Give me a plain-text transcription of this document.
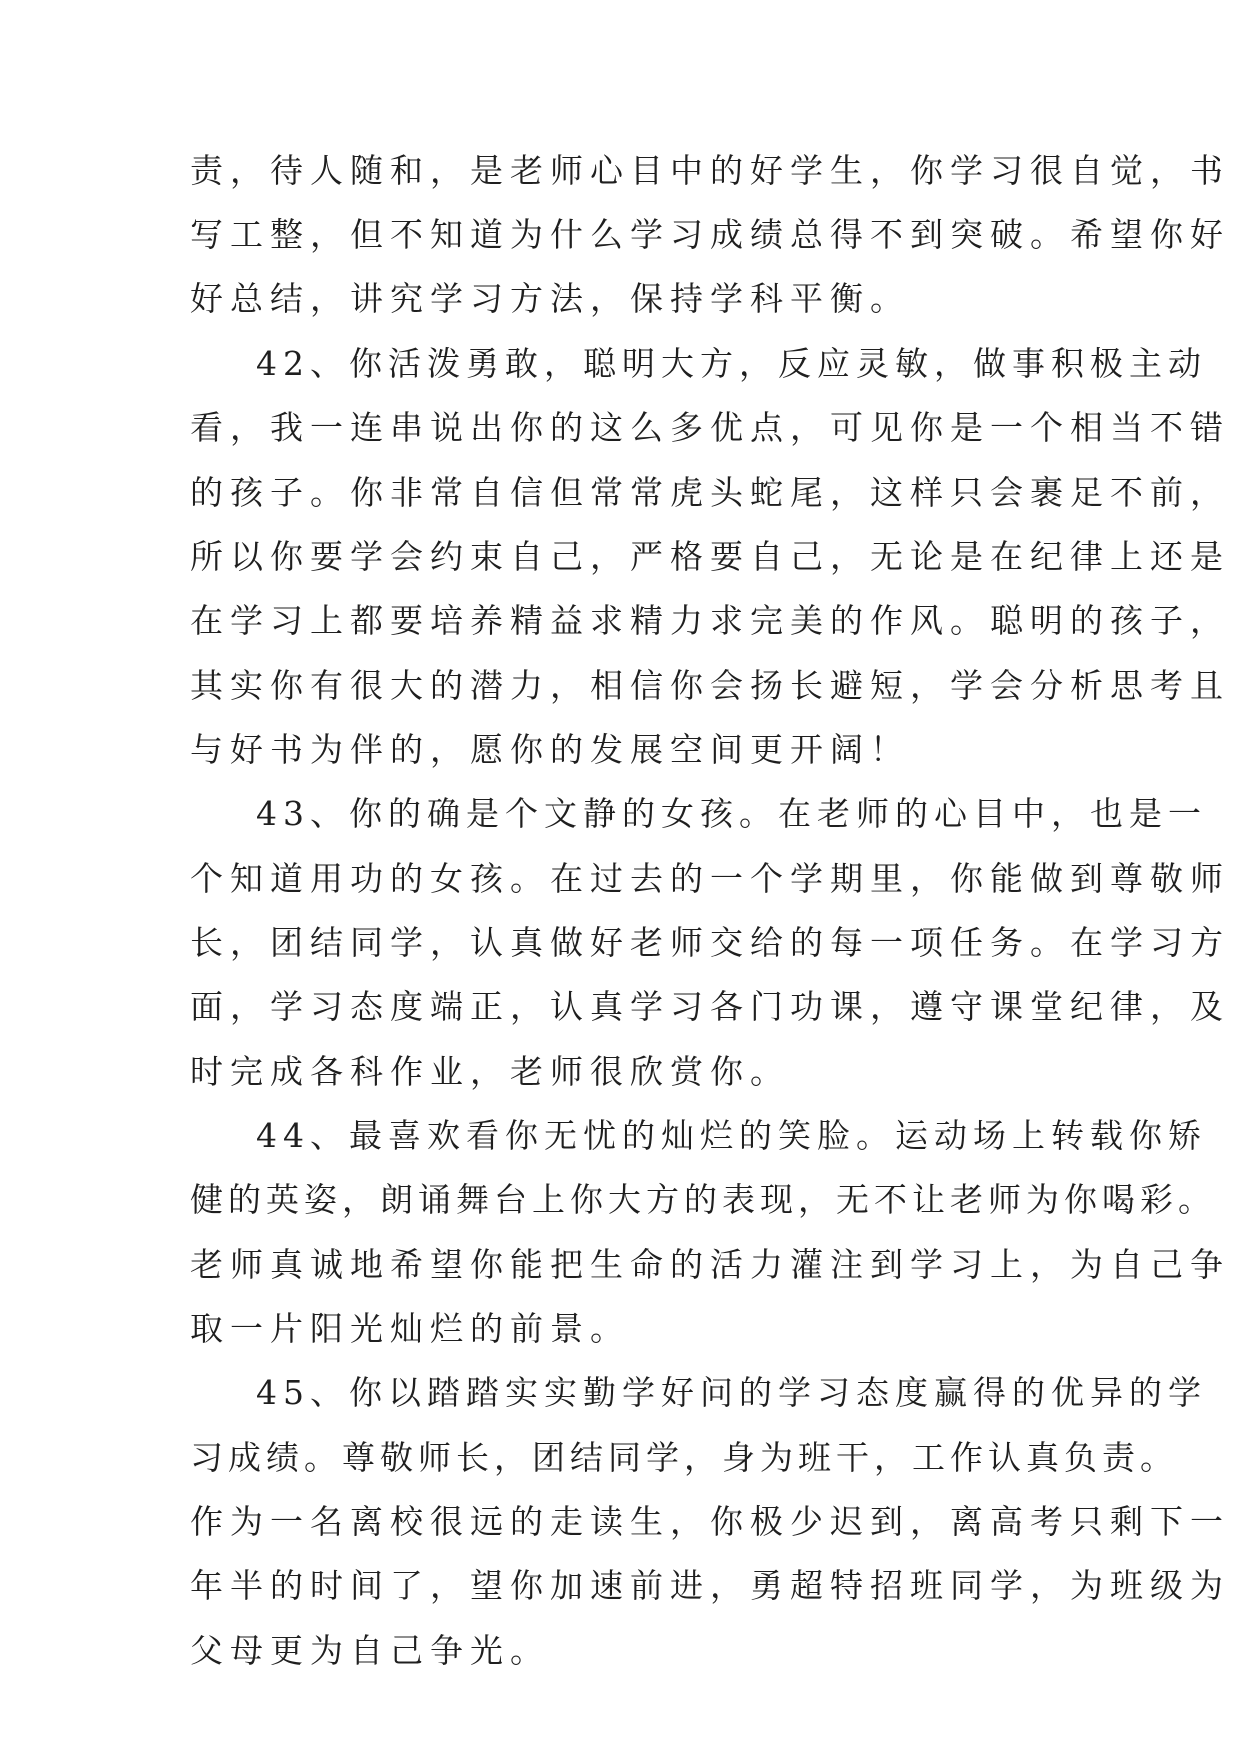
责，待人随和，是老师心目中的好学生，你学习很自觉，书
写工整，但不知道为什么学习成绩总得不到突破。希望你好
好总结，讲究学习方法，保持学科平衡。
42、你活泼勇敢，聪明大方，反应灵敏，做事积极主动
看，我一连串说出你的这么多优点，可见你是一个相当不错
的孩子。你非常自信但常常虎头蛇尾，这样只会裹足不前，
所以你要学会约束自己，严格要自己，无论是在纪律上还是
在学习上都要培养精益求精力求完美的作风。聪明的孩子，
其实你有很大的潜力，相信你会扬长避短，学会分析思考且
与好书为伴的，愿你的发展空间更开阔！
43、你的确是个文静的女孩。在老师的心目中，也是一
个知道用功的女孩。在过去的一个学期里，你能做到尊敬师
长，团结同学，认真做好老师交给的每一项任务。在学习方
面，学习态度端正，认真学习各门功课，遵守课堂纪律，及
时完成各科作业，老师很欣赏你。
44、最喜欢看你无忧的灿烂的笑脸。运动场上转载你矫
健的英姿，朗诵舞台上你大方的表现，无不让老师为你喝彩。
老师真诚地希望你能把生命的活力灌注到学习上，为自己争
取一片阳光灿烂的前景。
45、你以踏踏实实勤学好问的学习态度赢得的优异的学
习成绩。尊敬师长，团结同学，身为班干，工作认真负责。
作为一名离校很远的走读生，你极少迟到，离高考只剩下一
年半的时间了，望你加速前进，勇超特招班同学，为班级为
父母更为自己争光。
